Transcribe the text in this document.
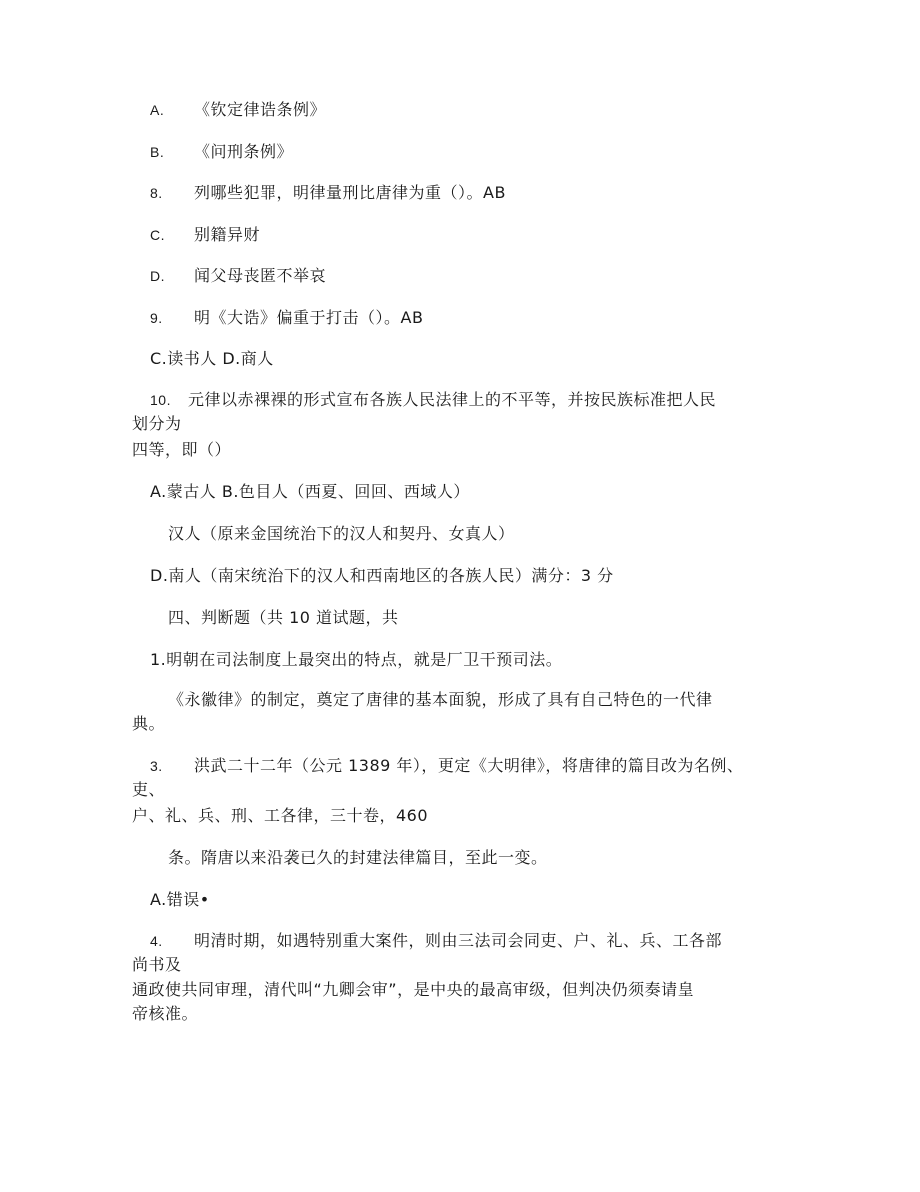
A. 《钦定律诰条例》
B. 《问刑条例》
8. 列哪些犯罪，明律量刑比唐律为重（）。AB
C. 别籍异财
D. 闻父母丧匿不举哀
9. 明《大诰》偏重于打击（）。AB
C.读书人 D.商人
10. 元律以赤裸裸的形式宣布各族人民法律上的不平等，并按民族标准把人民
划分为
四等，即（）
A.蒙古人 B.色目人（西夏、回回、西域人）
汉人（原来金国统治下的汉人和契丹、女真人）
D.南人（南宋统治下的汉人和西南地区的各族人民）满分：3 分
四、判断题（共 10 道试题，共
1.明朝在司法制度上最突出的特点，就是厂卫干预司法。
《永徽律》的制定，奠定了唐律的基本面貌，形成了具有自己特色的一代律
典。
3. 洪武二十二年（公元 1389 年），更定《大明律》，将唐律的篇目改为名例、
吏、
户、礼、兵、刑、工各律，三十卷，460
条。隋唐以来沿袭已久的封建法律篇目，至此一变。
A.错误•
4. 明清时期，如遇特别重大案件，则由三法司会同吏、户、礼、兵、工各部
尚书及
通政使共同审理，清代叫“九卿会审”，是中央的最高审级，但判决仍须奏请皇
帝核准。
